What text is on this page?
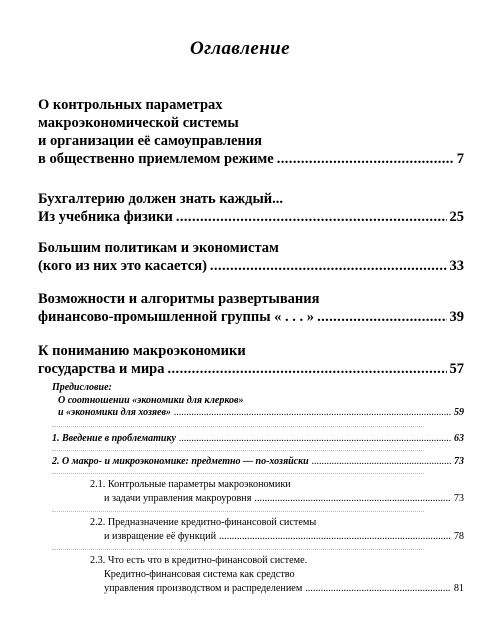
Оглавление
О контрольных параметрах
макроэкономической системы
и организации её самоуправления
в общественно приемлемом режиме .....	7
Бухгалтерию должен знать каждый...
Из учебника физики .....	25
Большим политикам и экономистам
(кого из них это касается) .....	33
Возможности и алгоритмы развертывания
финансово-промышленной группы « . . . » .....	39
К пониманию макроэкономики
государства и мира .....	57
Предисловие:
О соотношении «экономики для клерков»
и «экономики для хозяев» .....	59
1. Введение в проблематику .....	63
2. О макро- и микроэкономике: предметно — по-хозяйски .....	73
2.1. Контрольные параметры макроэкономики
и задачи управления макроуровня .....	73
2.2. Предназначение кредитно-финансовой системы
и извращение её функций .....	78
2.3. Что есть что в кредитно-финансовой системе.
Кредитно-финансовая система как средство
управления производством и распределением .....	81
